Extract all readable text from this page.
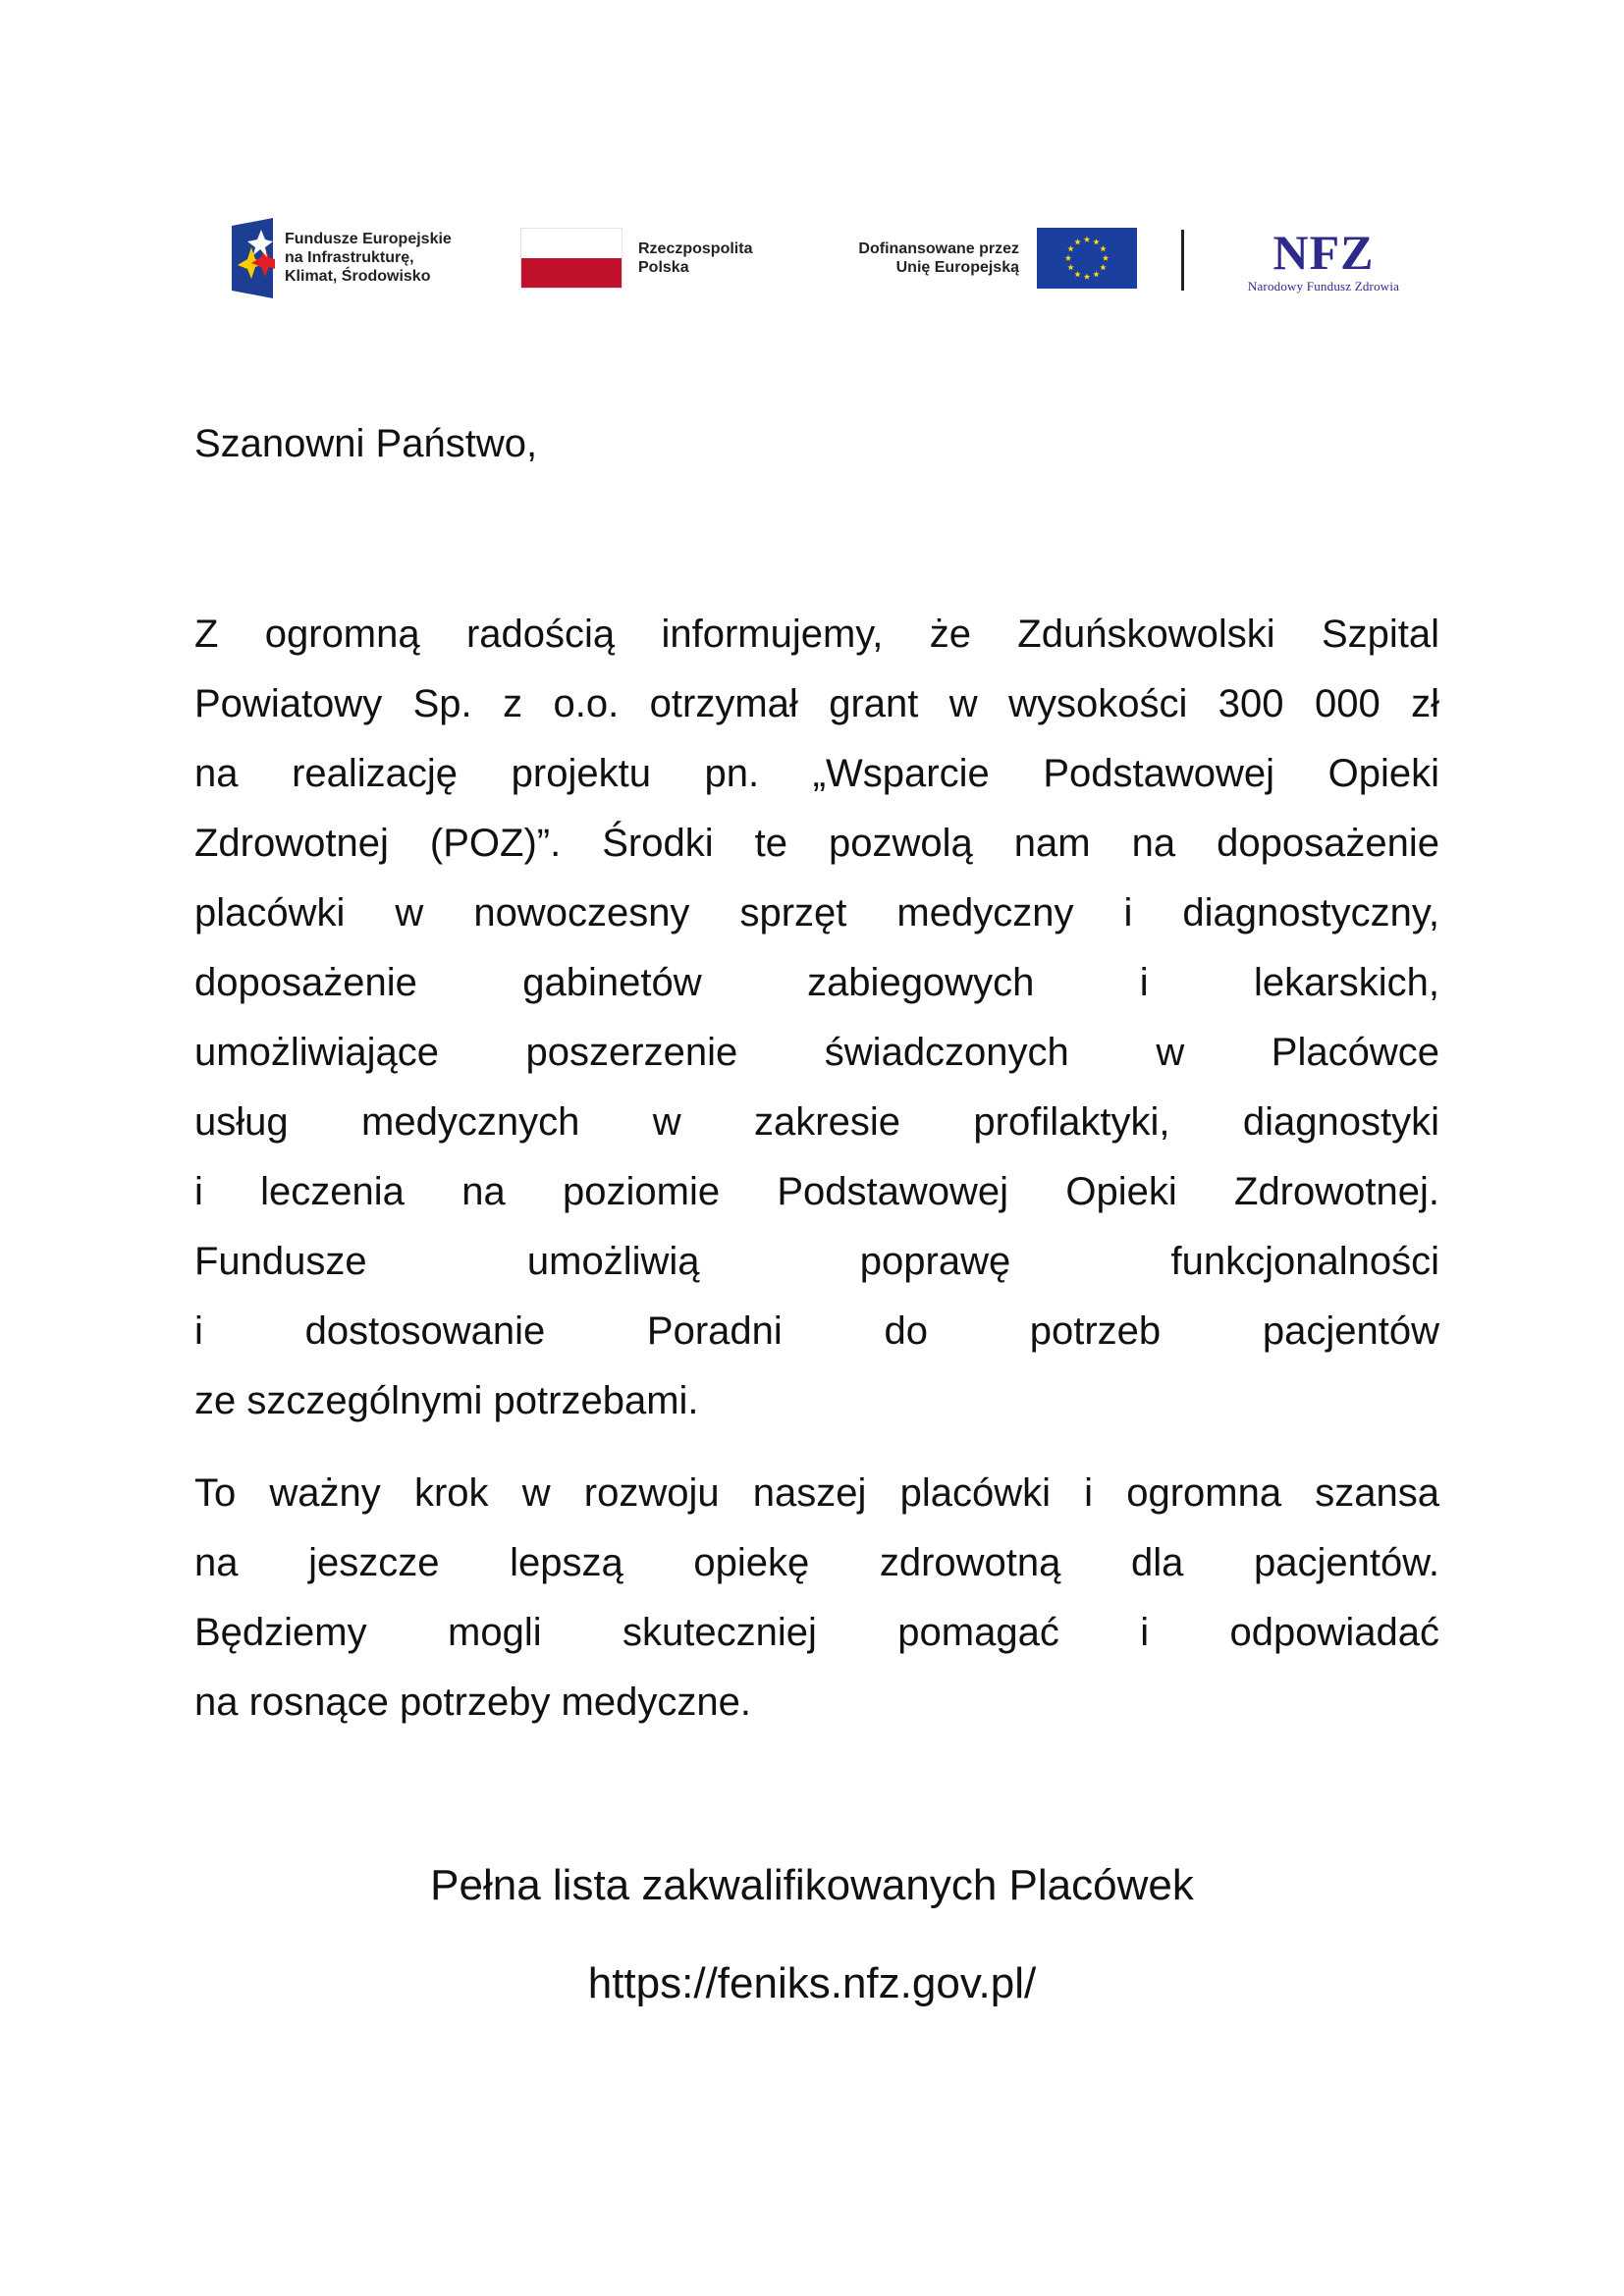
Fundusze Europejskie
na Infrastrukturę,
Klimat, Środowisko
Rzeczpospolita
Polska
Dofinansowane przez
Unię Europejską	NFZ
Narodowy Fundusz Zdrowia
Szanowni Państwo,
Z ogromną radością informujemy, że Zduńskowolski Szpital
Powiatowy Sp. z o.o. otrzymał grant w wysokości 300 000 zł
na realizację projektu pn. „Wsparcie Podstawowej Opieki
Zdrowotnej (POZ)”. Środki te pozwolą nam na doposażenie
placówki w nowoczesny sprzęt medyczny i diagnostyczny,
doposażenie gabinetów zabiegowych i lekarskich,
umożliwiające poszerzenie świadczonych w Placówce
usług medycznych w zakresie profilaktyki, diagnostyki
i leczenia na poziomie Podstawowej Opieki Zdrowotnej.
Fundusze umożliwią poprawę funkcjonalności
i dostosowanie Poradni do potrzeb pacjentów
ze szczególnymi potrzebami.
To ważny krok w rozwoju naszej placówki i ogromna szansa
na jeszcze lepszą opiekę zdrowotną dla pacjentów.
Będziemy mogli skuteczniej pomagać i odpowiadać
na rosnące potrzeby medyczne.
Pełna lista zakwalifikowanych Placówek
https://feniks.nfz.gov.pl/
